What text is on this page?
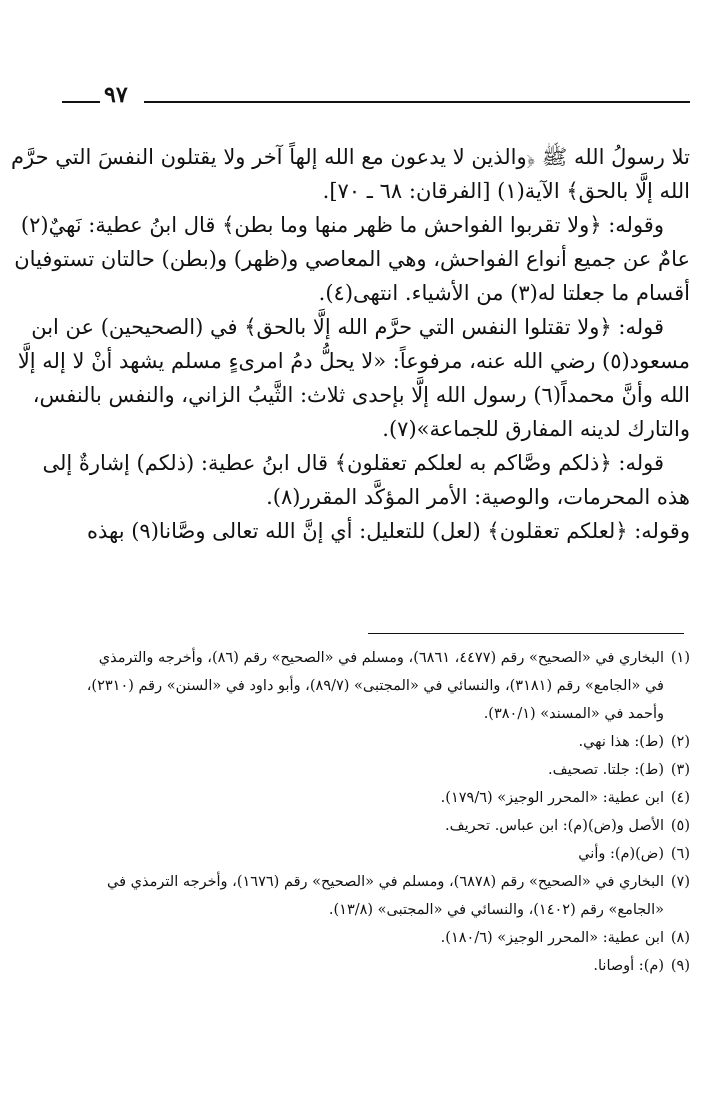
٩٧
تلا رسولُ الله ﷺ ﴿والذين لا يدعون مع الله إلهاً آخر ولا يقتلون النفسَ التي حرَّم
الله إلَّا بالحق﴾ الآية(١) [الفرقان: ٦٨ ـ ٧٠].
وقوله: ﴿ولا تقربوا الفواحش ما ظهر منها وما بطن﴾ قال ابنُ عطية: نَهيٌ(٢)
عامٌ عن جميع أنواع الفواحش، وهي المعاصي و(ظهر) و(بطن) حالتان تستوفيان
أقسام ما جعلتا له(٣) من الأشياء. انتهى(٤).
قوله: ﴿ولا تقتلوا النفس التي حرَّم الله إلَّا بالحق﴾ في (الصحيحين) عن ابن
مسعود(٥) رضي الله عنه، مرفوعاً: «لا يحلُّ دمُ امرىءٍ مسلم يشهد أنْ لا إله إلَّا
الله وأنَّ محمداً(٦) رسول الله إلَّا بإحدى ثلاث: الثَّيبُ الزاني، والنفس بالنفس،
والتارك لدينه المفارق للجماعة»(٧).
قوله: ﴿ذلكم وصَّاكم به لعلكم تعقلون﴾ قال ابنُ عطية: (ذلكم) إشارةٌ إلى
هذه المحرمات، والوصية: الأمر المؤكَّد المقرر(٨).
وقوله: ﴿لعلكم تعقلون﴾ (لعل) للتعليل: أي إنَّ الله تعالى وصَّانا(٩) بهذه
(١)البخاري في «الصحيح» رقم (٤٤٧٧، ٦٨٦١)، ومسلم في «الصحيح» رقم (٨٦)، وأخرجه والترمذي
في «الجامع» رقم (٣١٨١)، والنسائي في «المجتبى» (٨٩/٧)، وأبو داود في «السنن» رقم (٢٣١٠)،
وأحمد في «المسند» (٣٨٠/١).
(٢)(ط): هذا نهي.
(٣)(ط): جلتا. تصحيف.
(٤)ابن عطية: «المحرر الوجيز» (١٧٩/٦).
(٥)الأصل و(ض)(م): ابن عباس. تحريف.
(٦)(ض)(م): وأني
(٧)البخاري في «الصحيح» رقم (٦٨٧٨)، ومسلم في «الصحيح» رقم (١٦٧٦)، وأخرجه الترمذي في
«الجامع» رقم (١٤٠٢)، والنسائي في «المجتبى» (١٣/٨).
(٨)ابن عطية: «المحرر الوجيز» (١٨٠/٦).
(٩)(م): أوصانا.
